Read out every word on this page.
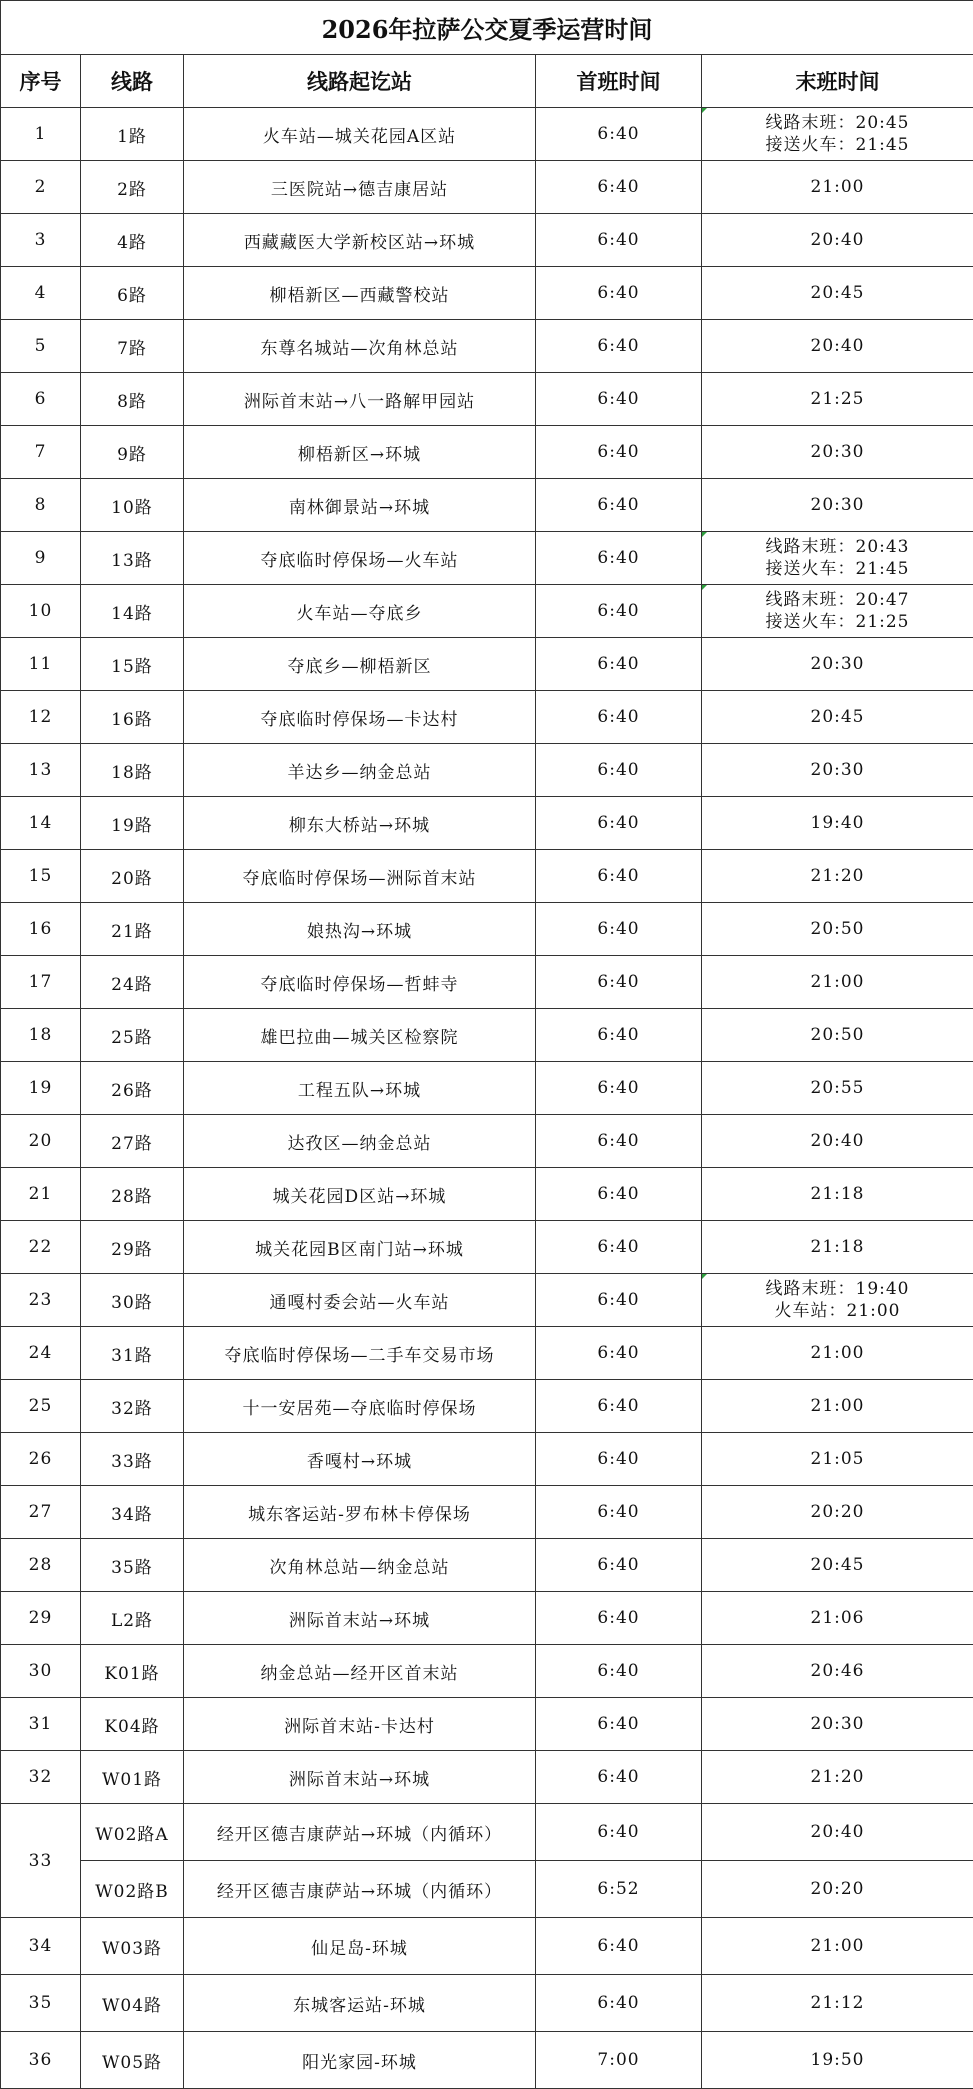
2026年拉萨公交夏季运营时间				
序号	线路	线路起讫站	首班时间	末班时间
1	1路	火车站—城关花园A区站	6:40	线路末班：20:45
接送火车：21:45

2	2路	三医院站→德吉康居站	6:40	21:00

3	4路	西藏藏医大学新校区站→环城	6:40	20:40

4	6路	柳梧新区—西藏警校站	6:40	20:45

5	7路	东尊名城站—次角林总站	6:40	20:40

6	8路	洲际首末站→八一路解甲园站	6:40	21:25

7	9路	柳梧新区→环城	6:40	20:30

8	10路	南林御景站→环城	6:40	20:30

9	13路	夺底临时停保场—火车站	6:40	线路末班：20:43
接送火车：21:45

10	14路	火车站—夺底乡	6:40	线路末班：20:47
接送火车：21:25

11	15路	夺底乡—柳梧新区	6:40	20:30

12	16路	夺底临时停保场—卡达村	6:40	20:45

13	18路	羊达乡—纳金总站	6:40	20:30

14	19路	柳东大桥站→环城	6:40	19:40

15	20路	夺底临时停保场—洲际首末站	6:40	21:20

16	21路	娘热沟→环城	6:40	20:50

17	24路	夺底临时停保场—哲蚌寺	6:40	21:00

18	25路	雄巴拉曲—城关区检察院	6:40	20:50

19	26路	工程五队→环城	6:40	20:55

20	27路	达孜区—纳金总站	6:40	20:40

21	28路	城关花园D区站→环城	6:40	21:18

22	29路	城关花园B区南门站→环城	6:40	21:18

23	30路	通嘎村委会站—火车站	6:40	线路末班：19:40
火车站：21:00

24	31路	夺底临时停保场—二手车交易市场	6:40	21:00

25	32路	十一安居苑—夺底临时停保场	6:40	21:00

26	33路	香嘎村→环城	6:40	21:05

27	34路	城东客运站-罗布林卡停保场	6:40	20:20

28	35路	次角林总站—纳金总站	6:40	20:45

29	L2路	洲际首末站→环城	6:40	21:06

30	K01路	纳金总站—经开区首末站	6:40	20:46

31	K04路	洲际首末站-卡达村	6:40	20:30

32	W01路	洲际首末站→环城	6:40	21:20

33	W02路A	经开区德吉康萨站→环城（内循环）	6:40	20:40
	W02路B	经开区德吉康萨站→环城（内循环）	6:52	20:20
34	W03路	仙足岛-环城	6:40	21:00

35	W04路	东城客运站-环城	6:40	21:12

36	W05路	阳光家园-环城	7:00	19:50
